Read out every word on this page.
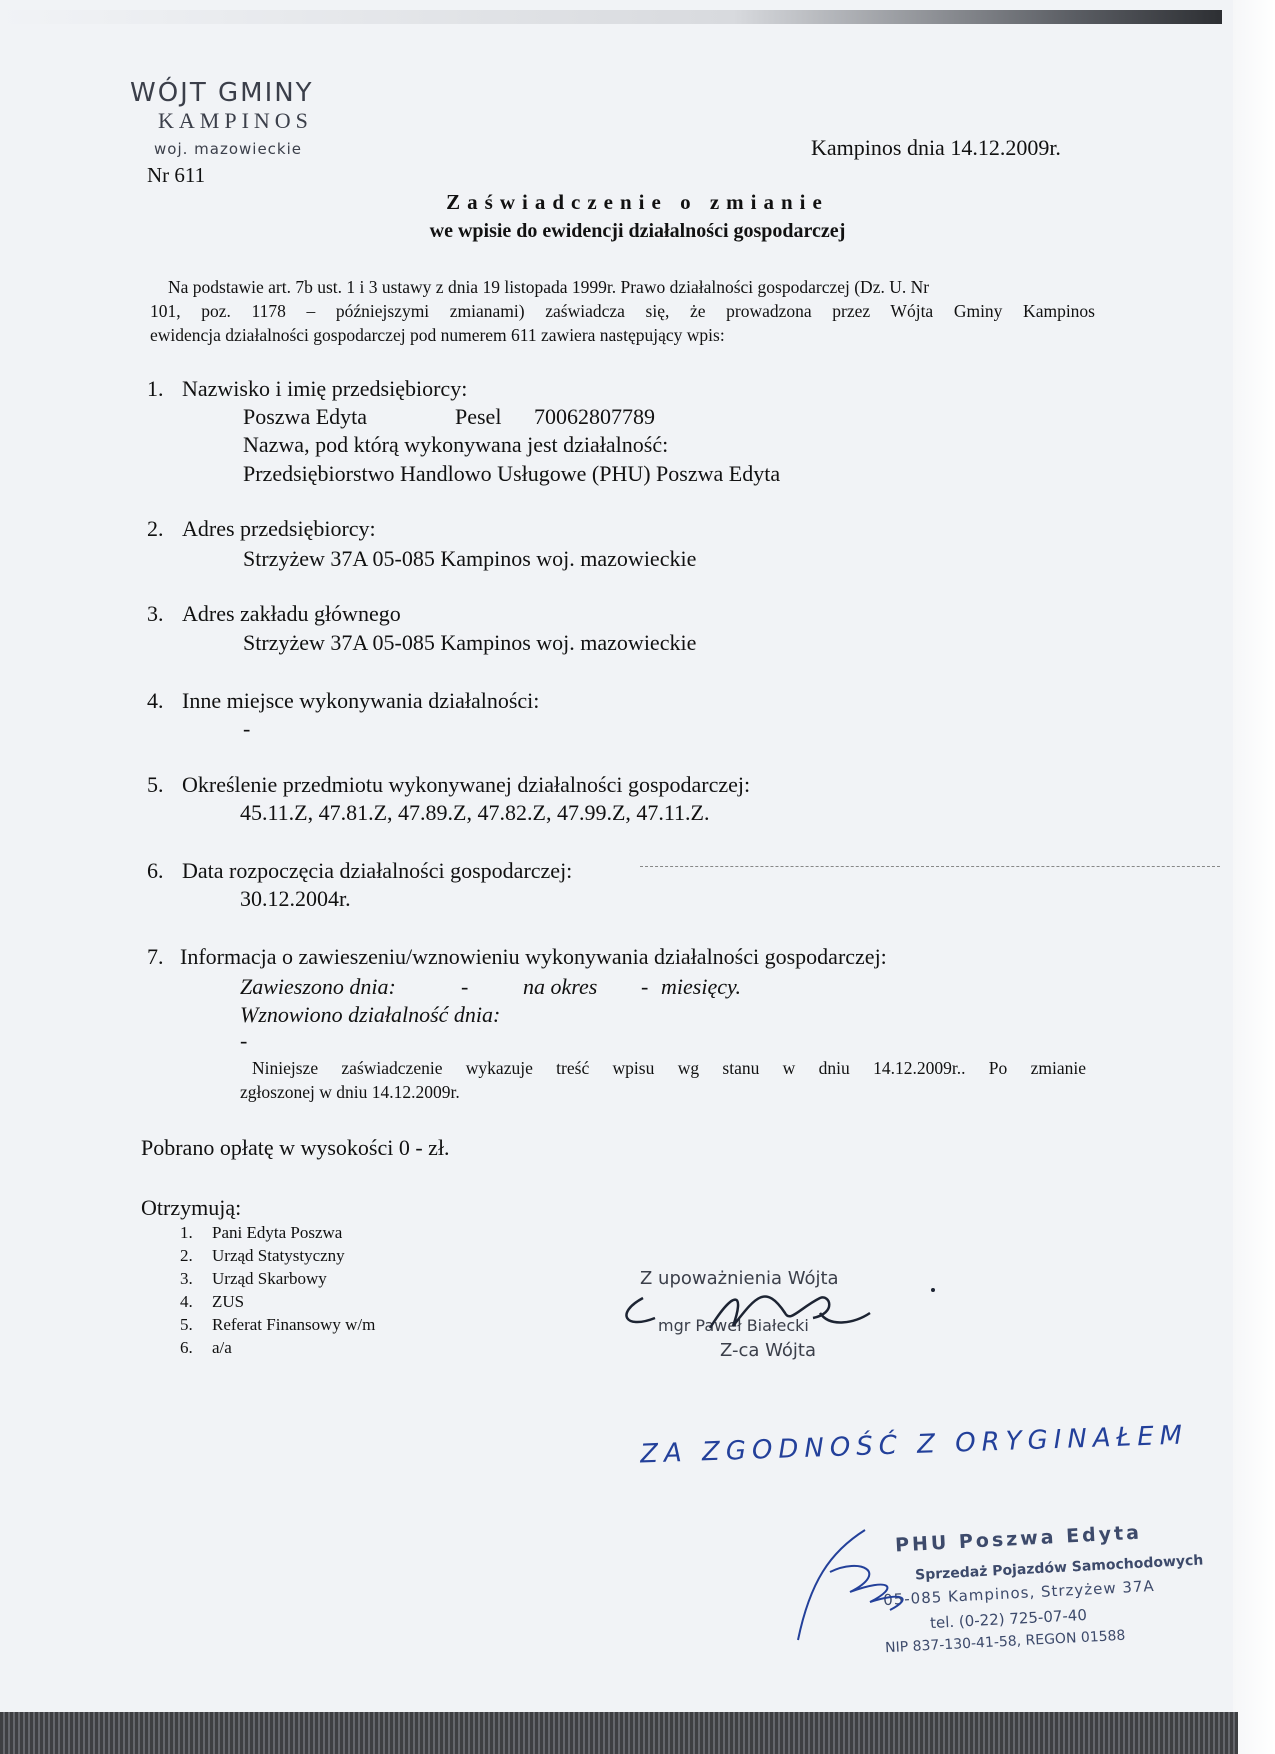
WÓJT GMINY
KAMPINOS
woj. mazowieckie
Nr 611
Kampinos dnia 14.12.2009r.
Zaświadczenie o zmianie
we wpisie do ewidencji działalności gospodarczej
Na podstawie art. 7b ust. 1 i 3 ustawy z dnia 19 listopada 1999r. Prawo działalności gospodarczej (Dz. U. Nr
101, poz. 1178 – późniejszymi zmianami) zaświadcza się, że prowadzona przez Wójta Gminy Kampinos
ewidencja działalności gospodarczej pod numerem 611 zawiera następujący wpis:
1. Nazwisko i imię przedsiębiorcy:
Poszwa Edyta	Pesel 70062807789
Nazwa, pod którą wykonywana jest działalność:
Przedsiębiorstwo Handlowo Usługowe (PHU) Poszwa Edyta
2. Adres przedsiębiorcy:
Strzyżew 37A 05-085 Kampinos woj. mazowieckie
3. Adres zakładu głównego
Strzyżew 37A 05-085 Kampinos woj. mazowieckie
4. Inne miejsce wykonywania działalności:
-
5. Określenie przedmiotu wykonywanej działalności gospodarczej:
45.11.Z, 47.81.Z, 47.89.Z, 47.82.Z, 47.99.Z, 47.11.Z.
6. Data rozpoczęcia działalności gospodarczej:
30.12.2004r.
7. Informacja o zawieszeniu/wznowieniu wykonywania działalności gospodarczej:
Zawieszono dnia:	- na okres - miesięcy.
Wznowiono działalność dnia:
-
Niniejsze zaświadczenie wykazuje treść wpisu wg stanu w dniu 14.12.2009r.. Po zmianie
zgłoszonej w dniu 14.12.2009r.
Pobrano opłatę w wysokości 0 - zł.
Otrzymują:
1. Pani Edyta Poszwa
2. Urząd Statystyczny
3. Urząd Skarbowy
4. ZUS
5. Referat Finansowy w/m
6. a/a
Z upoważnienia Wójta
mgr Paweł Białecki
Z-ca Wójta
ZA ZGODNOŚĆ Z ORYGINAŁEM
PHU Poszwa Edyta
Sprzedaż Pojazdów Samochodowych
05-085 Kampinos, Strzyżew 37A
tel. (0-22) 725-07-40
NIP 837-130-41-58, REGON 01588
